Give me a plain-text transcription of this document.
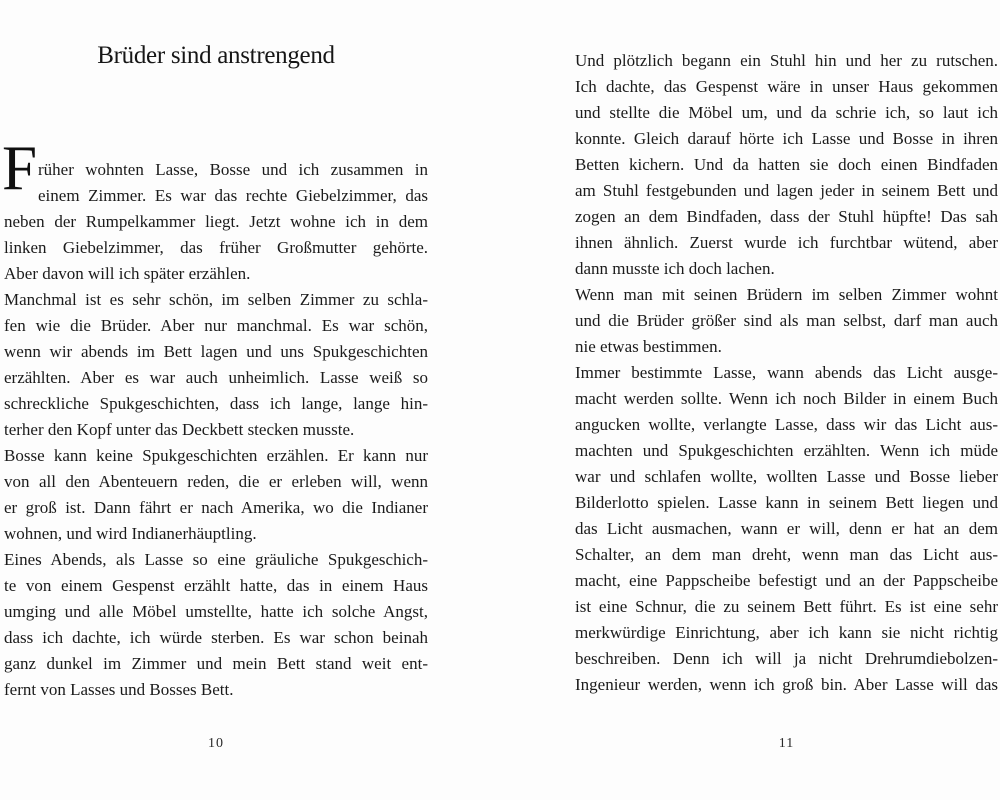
Brüder sind anstrengend
F rüher wohnten Lasse, Bosse und ich zusammen in
einem Zimmer. Es war das rechte Giebelzimmer, das
neben der Rumpelkammer liegt. Jetzt wohne ich in dem
linken Giebelzimmer, das früher Großmutter gehörte.
Aber davon will ich später erzählen.
Manchmal ist es sehr schön, im selben Zimmer zu schla-
fen wie die Brüder. Aber nur manchmal. Es war schön,
wenn wir abends im Bett lagen und uns Spukgeschichten
erzählten. Aber es war auch unheimlich. Lasse weiß so
schreckliche Spukgeschichten, dass ich lange, lange hin-
terher den Kopf unter das Deckbett stecken musste.
Bosse kann keine Spukgeschichten erzählen. Er kann nur
von all den Abenteuern reden, die er erleben will, wenn
er groß ist. Dann fährt er nach Amerika, wo die Indianer
wohnen, und wird Indianerhäuptling.
Eines Abends, als Lasse so eine gräuliche Spukgeschich-
te von einem Gespenst erzählt hatte, das in einem Haus
umging und alle Möbel umstellte, hatte ich solche Angst,
dass ich dachte, ich würde sterben. Es war schon beinah
ganz dunkel im Zimmer und mein Bett stand weit ent-
fernt von Lasses und Bosses Bett.
10
Und plötzlich begann ein Stuhl hin und her zu rutschen.
Ich dachte, das Gespenst wäre in unser Haus gekommen
und stellte die Möbel um, und da schrie ich, so laut ich
konnte. Gleich darauf hörte ich Lasse und Bosse in ihren
Betten kichern. Und da hatten sie doch einen Bindfaden
am Stuhl festgebunden und lagen jeder in seinem Bett und
zogen an dem Bindfaden, dass der Stuhl hüpfte! Das sah
ihnen ähnlich. Zuerst wurde ich furchtbar wütend, aber
dann musste ich doch lachen.
Wenn man mit seinen Brüdern im selben Zimmer wohnt
und die Brüder größer sind als man selbst, darf man auch
nie etwas bestimmen.
Immer bestimmte Lasse, wann abends das Licht ausge-
macht werden sollte. Wenn ich noch Bilder in einem Buch
angucken wollte, verlangte Lasse, dass wir das Licht aus-
machten und Spukgeschichten erzählten. Wenn ich müde
war und schlafen wollte, wollten Lasse und Bosse lieber
Bilderlotto spielen. Lasse kann in seinem Bett liegen und
das Licht ausmachen, wann er will, denn er hat an dem
Schalter, an dem man dreht, wenn man das Licht aus-
macht, eine Pappscheibe befestigt und an der Pappscheibe
ist eine Schnur, die zu seinem Bett führt. Es ist eine sehr
merkwürdige Einrichtung, aber ich kann sie nicht richtig
beschreiben. Denn ich will ja nicht Drehrumdiebolzen-
Ingenieur werden, wenn ich groß bin. Aber Lasse will das
11
